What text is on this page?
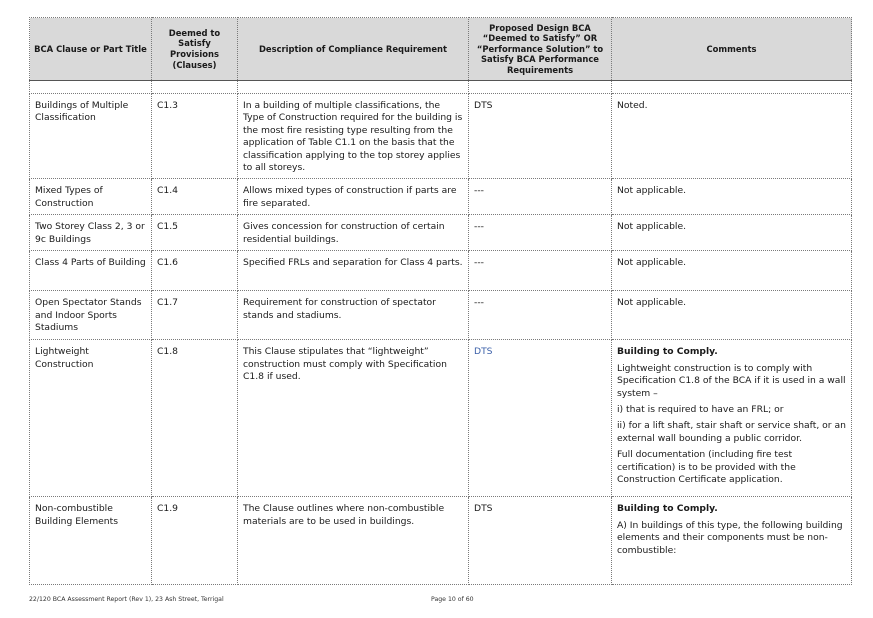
BCA Clause or Part Title	Deemed to Satisfy Provisions (Clauses)	Description of Compliance Requirement	Proposed Design BCA “Deemed to Satisfy” OR “Performance Solution” to Satisfy BCA Performance Requirements	Comments

Buildings of Multiple Classification	C1.3	In a building of multiple classifications, the Type of Construction required for the building is the most fire resisting type resulting from the application of Table C1.1 on the basis that the classification applying to the top storey applies to all storeys.	DTS	Noted.

Mixed Types of Construction	C1.4	Allows mixed types of construction if parts are fire separated.	---	Not applicable.

Two Storey Class 2, 3 or 9c Buildings	C1.5	Gives concession for construction of certain residential buildings.	---	Not applicable.

Class 4 Parts of Building	C1.6	Specified FRLs and separation for Class 4 parts.	---	Not applicable.

Open Spectator Stands and Indoor Sports Stadiums	C1.7	Requirement for construction of spectator stands and stadiums.	---	Not applicable.

Lightweight Construction	C1.8	This Clause stipulates that “lightweight” construction must comply with Specification C1.8 if used.	DTS	Building to Comply.
Lightweight construction is to comply with Specification C1.8 of the BCA if it is used in a wall system –
i) that is required to have an FRL; or
ii) for a lift shaft, stair shaft or service shaft, or an external wall bounding a public corridor.
Full documentation (including fire test certification) is to be provided with the Construction Certificate application.

Non-combustible Building Elements	C1.9	The Clause outlines where non-combustible materials are to be used in buildings.	DTS	Building to Comply.
A) In buildings of this type, the following building elements and their components must be non-combustible:
22/120 BCA Assessment Report (Rev 1), 23 Ash Street, Terrigal	Page 10 of 60
